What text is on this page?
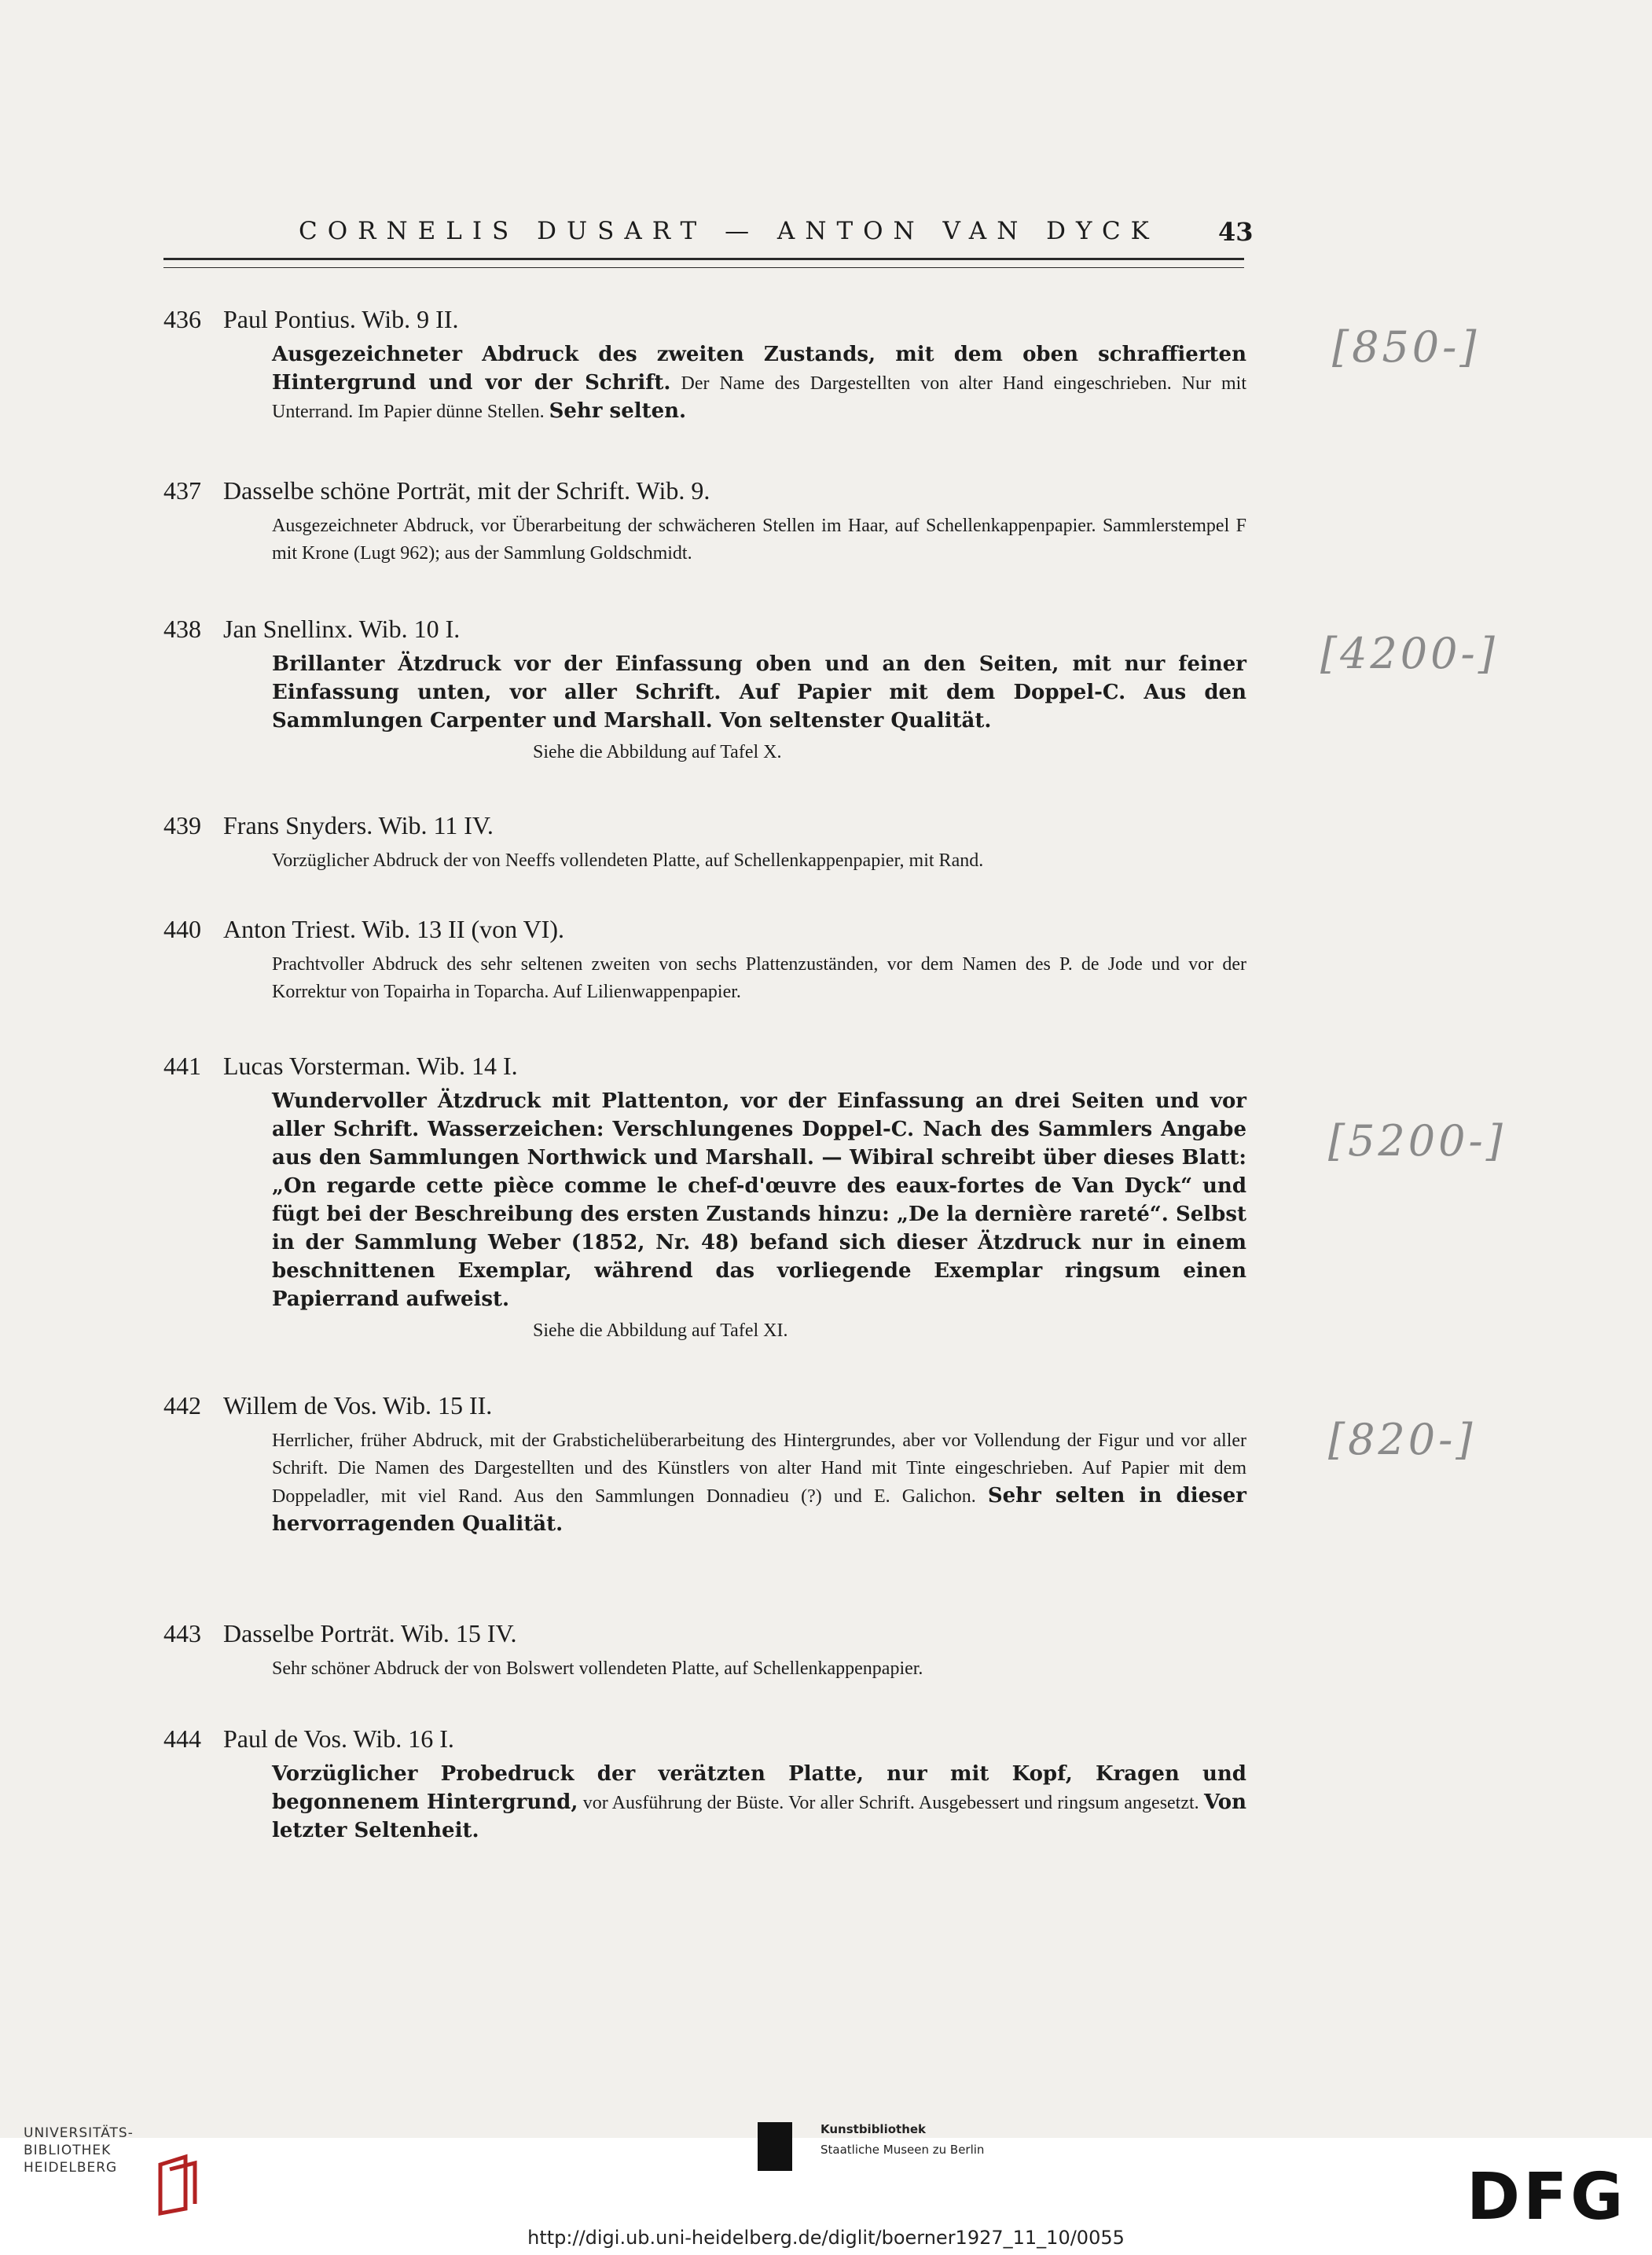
CORNELIS DUSART — ANTON VAN DYCK	43
436 Paul Pontius. Wib. 9 II.
Ausgezeichneter Abdruck des zweiten Zustands, mit dem oben schraffierten Hintergrund und vor der Schrift. Der Name des Dargestellten von alter Hand eingeschrieben. Nur mit Unterrand. Im Papier dünne Stellen. Sehr selten.
[850-]
437 Dasselbe schöne Porträt, mit der Schrift. Wib. 9.
Ausgezeichneter Abdruck, vor Überarbeitung der schwächeren Stellen im Haar, auf Schellenkappenpapier. Sammlerstempel F mit Krone (Lugt 962); aus der Sammlung Goldschmidt.
438 Jan Snellinx. Wib. 10 I.
Brillanter Ätzdruck vor der Einfassung oben und an den Seiten, mit nur feiner Einfassung unten, vor aller Schrift. Auf Papier mit dem Doppel-C. Aus den Sammlungen Carpenter und Marshall. Von seltenster Qualität.
Siehe die Abbildung auf Tafel X.
[4200-]
439 Frans Snyders. Wib. 11 IV.
Vorzüglicher Abdruck der von Neeffs vollendeten Platte, auf Schellenkappenpapier, mit Rand.
440 Anton Triest. Wib. 13 II (von VI).
Prachtvoller Abdruck des sehr seltenen zweiten von sechs Plattenzuständen, vor dem Namen des P. de Jode und vor der Korrektur von Topairha in Toparcha. Auf Lilienwappenpapier.
441 Lucas Vorsterman. Wib. 14 I.
Wundervoller Ätzdruck mit Plattenton, vor der Einfassung an drei Seiten und vor aller Schrift. Wasserzeichen: Verschlungenes Doppel-C. Nach des Sammlers Angabe aus den Sammlungen Northwick und Marshall. — Wibiral schreibt über dieses Blatt: „On regarde cette pièce comme le chef-d'œuvre des eaux-fortes de Van Dyck“ und fügt bei der Beschreibung des ersten Zustands hinzu: „De la dernière rareté“. Selbst in der Sammlung Weber (1852, Nr. 48) befand sich dieser Ätzdruck nur in einem beschnittenen Exemplar, während das vorliegende Exemplar ringsum einen Papierrand aufweist.
Siehe die Abbildung auf Tafel XI.
[5200-]
442 Willem de Vos. Wib. 15 II.
Herrlicher, früher Abdruck, mit der Grabstichelüberarbeitung des Hintergrundes, aber vor Vollendung der Figur und vor aller Schrift. Die Namen des Dargestellten und des Künstlers von alter Hand mit Tinte eingeschrieben. Auf Papier mit dem Doppeladler, mit viel Rand. Aus den Sammlungen Donnadieu (?) und E. Galichon. Sehr selten in dieser hervorragenden Qualität.
[820-]
443 Dasselbe Porträt. Wib. 15 IV.
Sehr schöner Abdruck der von Bolswert vollendeten Platte, auf Schellenkappenpapier.
444 Paul de Vos. Wib. 16 I.
Vorzüglicher Probedruck der verätzten Platte, nur mit Kopf, Kragen und begonnenem Hintergrund, vor Ausführung der Büste. Vor aller Schrift. Ausgebessert und ringsum angesetzt. Von letzter Seltenheit.
UNIVERSITÄTS-
BIBLIOTHEK
HEIDELBERG
Kunstbibliothek
Staatliche Museen zu Berlin
DFG
http://digi.ub.uni-heidelberg.de/diglit/boerner1927_11_10/0055
